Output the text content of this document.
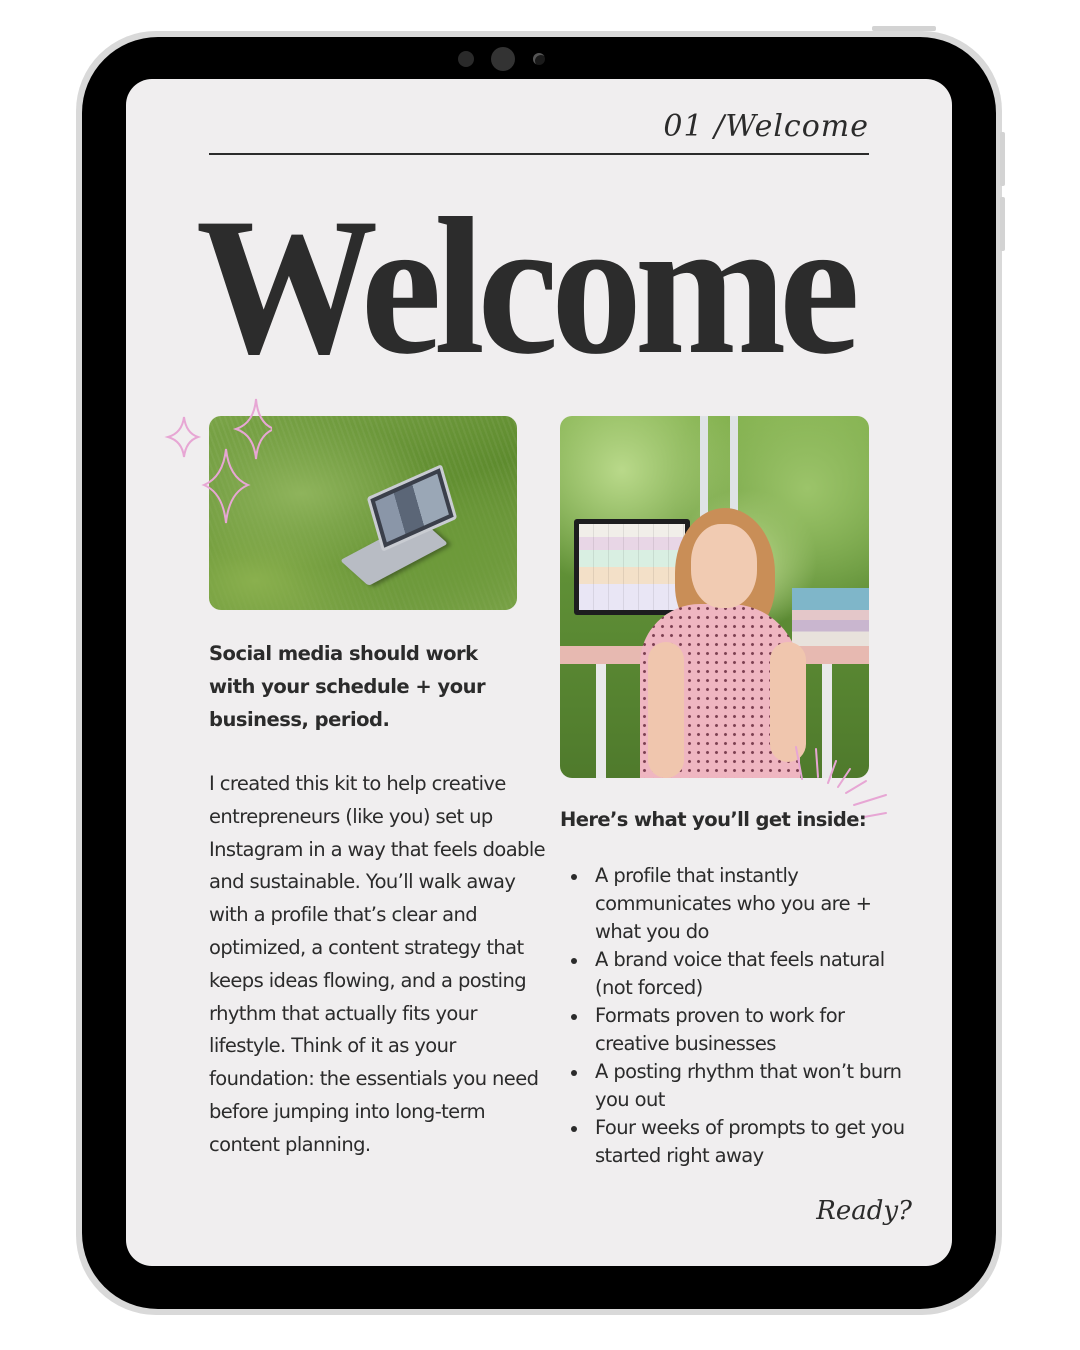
01 /Welcome
Welcome
Social media should work with your schedule + your business, period.
I created this kit to help creative entrepreneurs (like you) set up Instagram in a way that feels doable and sustainable. You’ll walk away with a profile that’s clear and optimized, a content strategy that keeps ideas flowing, and a posting rhythm that actually fits your lifestyle. Think of it as your foundation: the essentials you need before jumping into long-term content planning.
Here’s what you’ll get inside:
A profile that instantly communicates who you are + what you do
A brand voice that feels natural (not forced)
Formats proven to work for creative businesses
A posting rhythm that won’t burn you out
Four weeks of prompts to get you started right away
Ready?
